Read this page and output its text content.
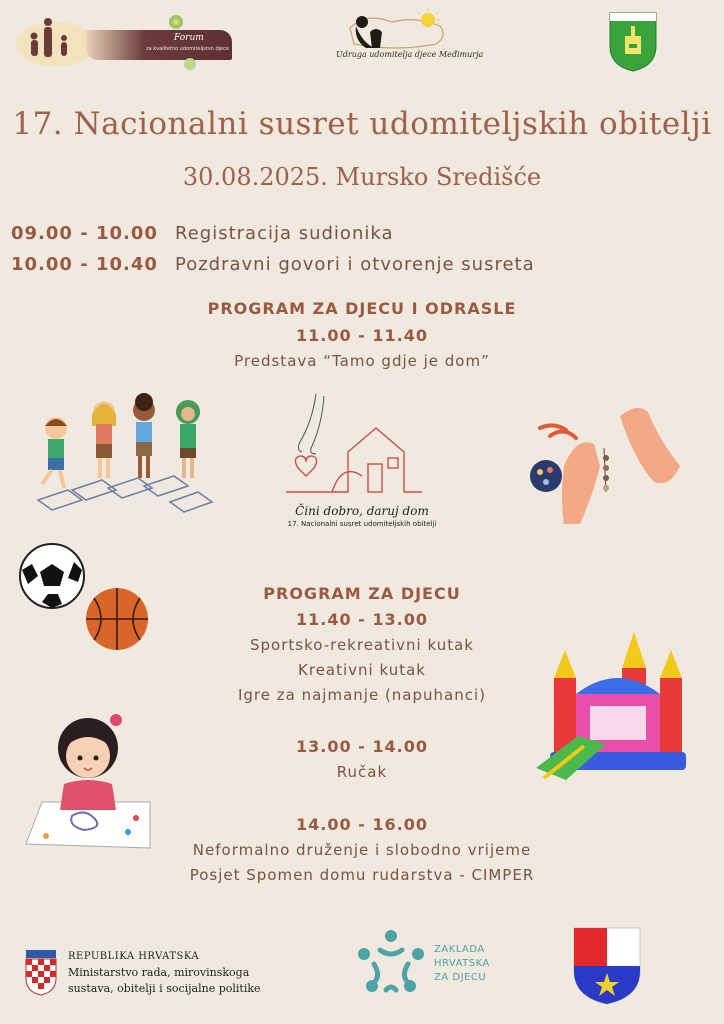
Forum
za kvalitetno udomiteljstvo djece
Udruga udomitelja djece Međimurja
17. Nacionalni susret udomiteljskih obitelji
30.08.2025. Mursko Središće
09.00 - 10.00 Registracija sudionika
10.00 - 10.40 Pozdravni govori i otvorenje susreta
PROGRAM ZA DJECU I ODRASLE
11.00 - 11.40
Predstava “Tamo gdje je dom”
Čini dobro, daruj dom
17. Nacionalni susret udomiteljskih obitelji
PROGRAM ZA DJECU
11.40 - 13.00
Sportsko-rekreativni kutak
Kreativni kutak
Igre za najmanje (napuhanci)
13.00 - 14.00
Ručak
14.00 - 16.00
Neformalno druženje i slobodno vrijeme
Posjet Spomen domu rudarstva - CIMPER
REPUBLIKA HRVATSKA
Ministarstvo rada, mirovinskoga
sustava, obitelji i socijalne politike
ZAKLADA
HRVATSKA
ZA DJECU
